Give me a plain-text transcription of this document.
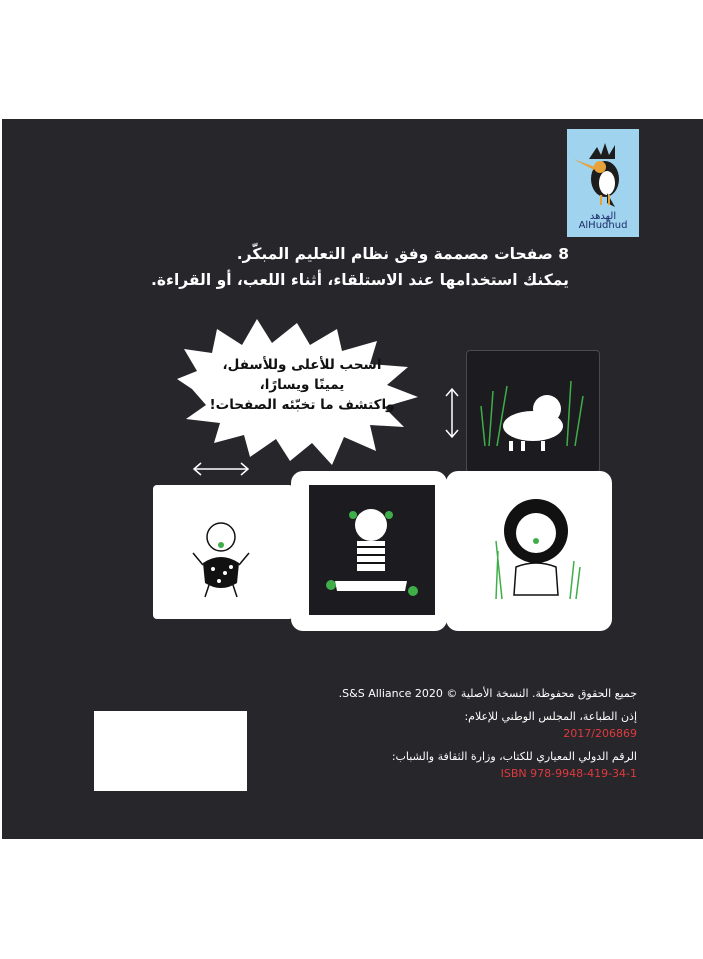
الهدهد
AlHudhud
8 صفحات مصممة وفق نظام التعليم المبكّر.
يمكنك استخدامها عند الاستلقاء، أثناء اللعب، أو القراءة.
اسحب للأعلى وللأسفل،
يمينًا ويسارًا،
واكتشف ما تخبّئه الصفحات!
جميع الحقوق محفوظة. النسخة الأصلية © S&S Alliance 2020.
إذن الطباعة، المجلس الوطني للإعلام:
2017/206869
الرقم الدولي المعياري للكتاب، وزارة الثقافة والشباب:
ISBN 978-9948-419-34-1
